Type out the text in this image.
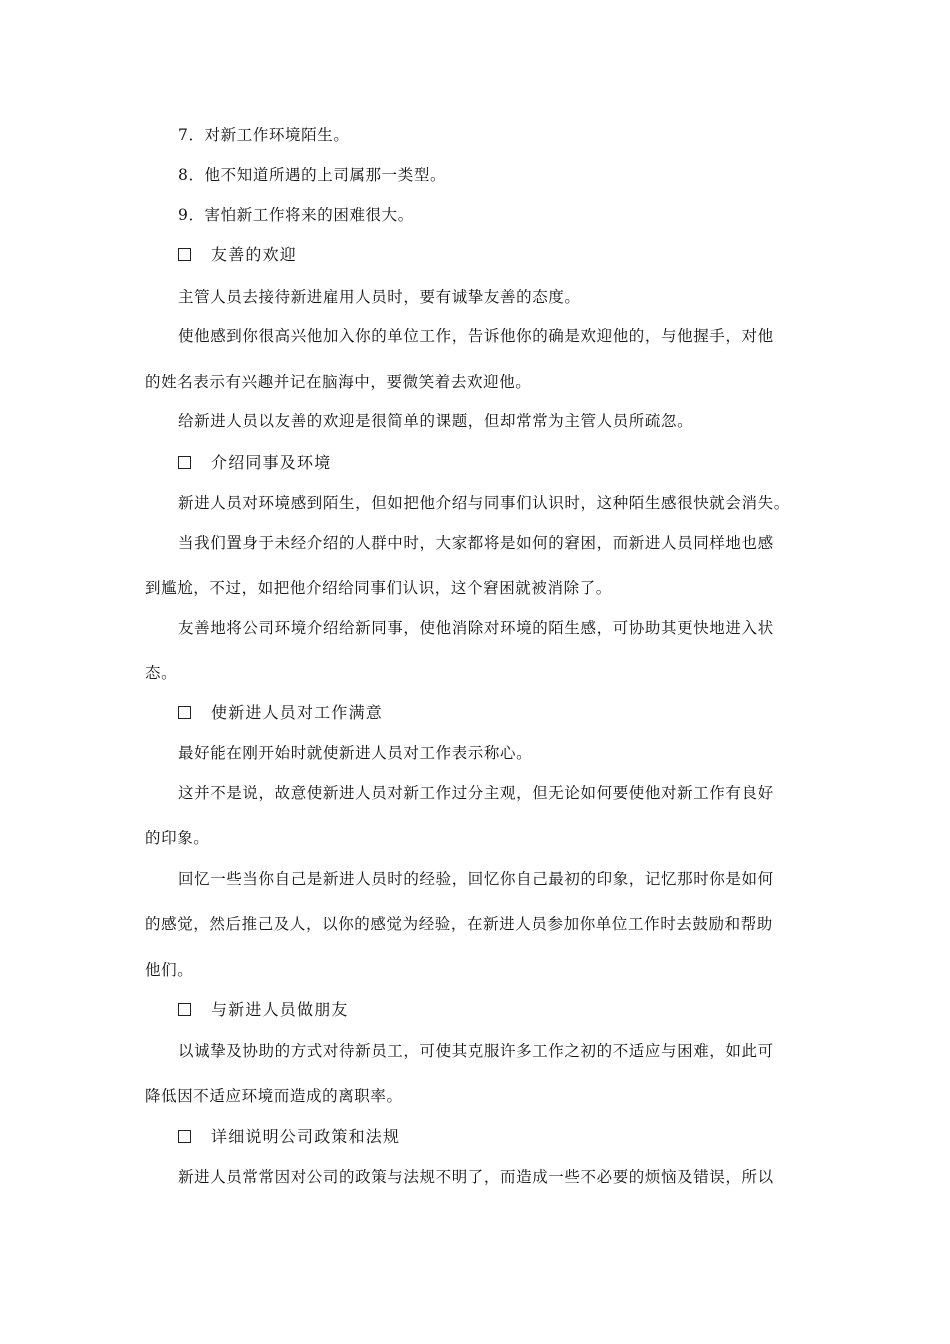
7．对新工作环境陌生。
8．他不知道所遇的上司属那一类型。
9．害怕新工作将来的困难很大。
友善的欢迎
主管人员去接待新进雇用人员时，要有诚挚友善的态度。
使他感到你很高兴他加入你的单位工作，告诉他你的确是欢迎他的，与他握手，对他
的姓名表示有兴趣并记在脑海中，要微笑着去欢迎他。
给新进人员以友善的欢迎是很简单的课题，但却常常为主管人员所疏忽。
介绍同事及环境
新进人员对环境感到陌生，但如把他介绍与同事们认识时，这种陌生感很快就会消失。
当我们置身于未经介绍的人群中时，大家都将是如何的窘困，而新进人员同样地也感
到尴尬，不过，如把他介绍给同事们认识，这个窘困就被消除了。
友善地将公司环境介绍给新同事，使他消除对环境的陌生感，可协助其更快地进入状
态。
使新进人员对工作满意
最好能在刚开始时就使新进人员对工作表示称心。
这并不是说，故意使新进人员对新工作过分主观，但无论如何要使他对新工作有良好
的印象。
回忆一些当你自己是新进人员时的经验，回忆你自己最初的印象，记忆那时你是如何
的感觉，然后推己及人，以你的感觉为经验，在新进人员参加你单位工作时去鼓励和帮助
他们。
与新进人员做朋友
以诚挚及协助的方式对待新员工，可使其克服许多工作之初的不适应与困难，如此可
降低因不适应环境而造成的离职率。
详细说明公司政策和法规
新进人员常常因对公司的政策与法规不明了，而造成一些不必要的烦恼及错误，所以
